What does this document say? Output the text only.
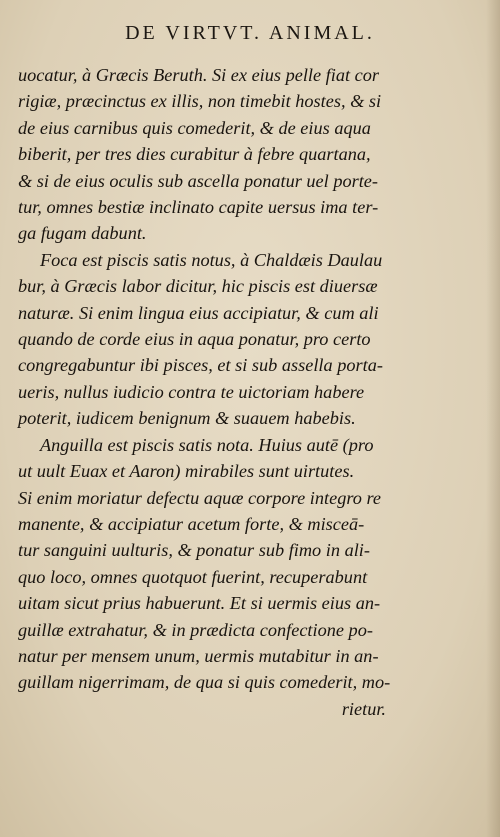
DE VIRTVT. ANIMAL.
uocatur, à Græcis Beruth. Si ex eius pelle fiat cor
rigiæ, præcinctus ex illis, non timebit hostes, & si
de eius carnibus quis comederit, & de eius aqua
biberit, per tres dies curabitur à febre quartana,
& si de eius oculis sub ascella ponatur uel porte-
tur, omnes bestiæ inclinato capite uersus ima ter-
ga fugam dabunt.
Foca est piscis satis notus, à Chaldæis Daulau
bur, à Græcis labor dicitur, hic piscis est diuersæ
naturæ. Si enim lingua eius accipiatur, & cum ali
quando de corde eius in aqua ponatur, pro certo
congregabuntur ibi pisces, et si sub assella porta-
ueris, nullus iudicio contra te uictoriam habere
poterit, iudicem benignum & suauem habebis.
Anguilla est piscis satis nota. Huius autē (pro
ut uult Euax et Aaron) mirabiles sunt uirtutes.
Si enim moriatur defectu aquæ corpore integro re
manente, & accipiatur acetum forte, & misceā-
tur sanguini uulturis, & ponatur sub fimo in ali-
quo loco, omnes quotquot fuerint, recuperabunt
uitam sicut prius habuerunt. Et si uermis eius an-
guillæ extrahatur, & in prædicta confectione po-
natur per mensem unum, uermis mutabitur in an-
guillam nigerrimam, de qua si quis comederit, mo-
rietur.
